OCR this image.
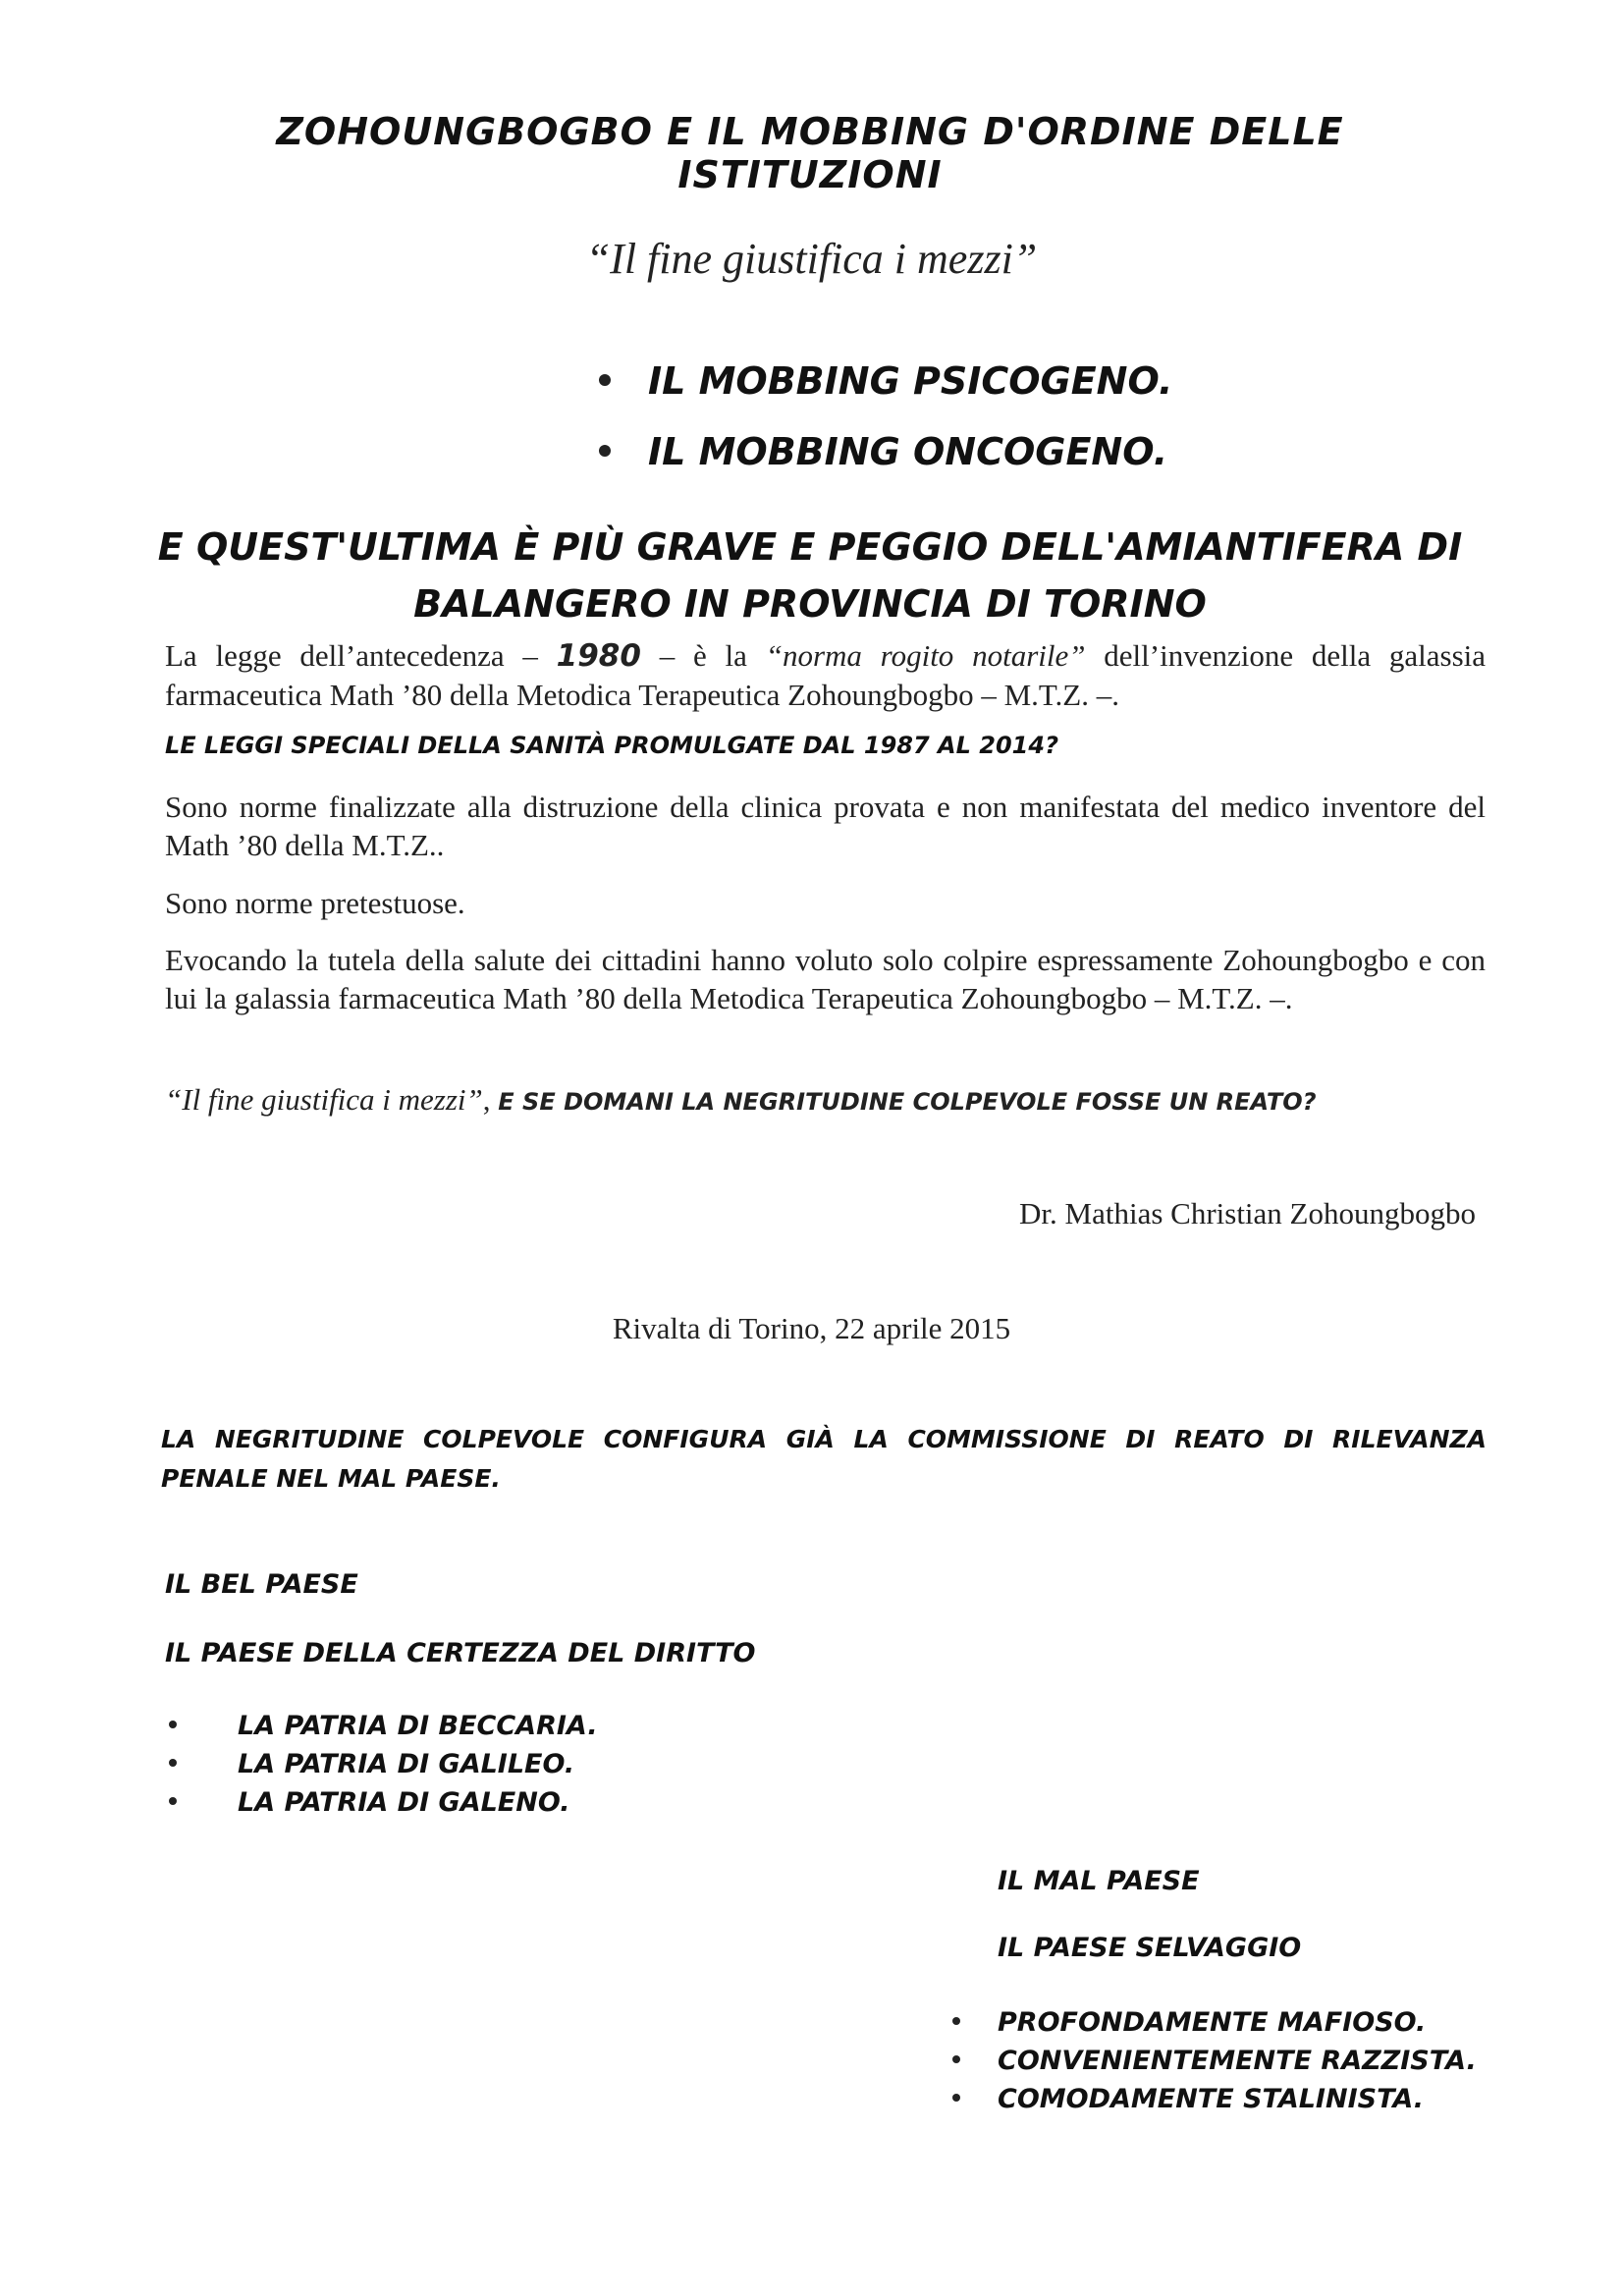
ZOHOUNGBOGBO E IL MOBBING D'ORDINE DELLE ISTITUZIONI
“Il fine giustifica i mezzi”
IL MOBBING PSICOGENO.
IL MOBBING ONCOGENO.
E QUEST'ULTIMA È PIÙ GRAVE E PEGGIO DELL'AMIANTIFERA DI
BALANGERO IN PROVINCIA DI TORINO
La legge dell’antecedenza – 1980 – è la “norma rogito notarile” dell’invenzione della galassia farmaceutica Math ’80 della Metodica Terapeutica Zohoungbogbo – M.T.Z. –.
LE LEGGI SPECIALI DELLA SANITÀ PROMULGATE DAL 1987 AL 2014?
Sono norme finalizzate alla distruzione della clinica provata e non manifestata del medico inventore del Math ’80 della M.T.Z..
Sono norme pretestuose.
Evocando la tutela della salute dei cittadini hanno voluto solo colpire espressamente Zohoungbogbo e con lui la galassia farmaceutica Math ’80 della Metodica Terapeutica Zohoungbogbo – M.T.Z. –.
“Il fine giustifica i mezzi”, E SE DOMANI LA NEGRITUDINE COLPEVOLE FOSSE UN REATO?
Dr. Mathias Christian Zohoungbogbo
Rivalta di Torino, 22 aprile 2015
LA NEGRITUDINE COLPEVOLE CONFIGURA GIÀ LA COMMISSIONE DI REATO DI RILEVANZA PENALE NEL MAL PAESE.
IL BEL PAESE
IL PAESE DELLA CERTEZZA DEL DIRITTO
LA PATRIA DI BECCARIA.
LA PATRIA DI GALILEO.
LA PATRIA DI GALENO.
IL MAL PAESE
IL PAESE SELVAGGIO
PROFONDAMENTE MAFIOSO.
CONVENIENTEMENTE RAZZISTA.
COMODAMENTE STALINISTA.
